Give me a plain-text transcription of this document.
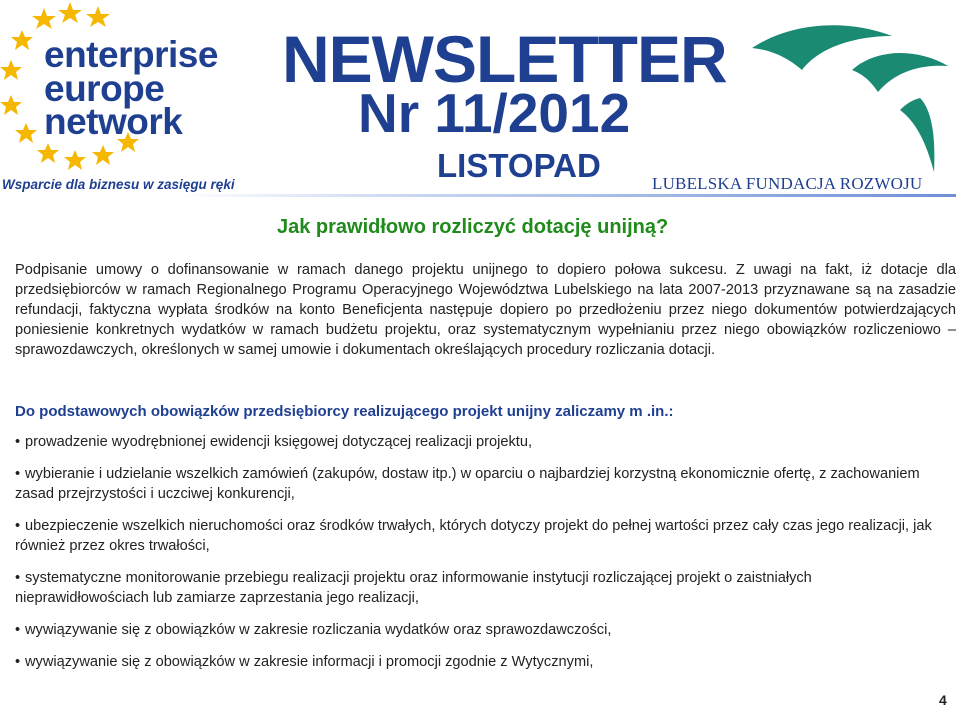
enterprise
europe
network
Wsparcie dla biznesu w zasięgu ręki
NEWSLETTER
Nr 11/2012
LISTOPAD	LUBELSKA FUNDACJA ROZWOJU
Jak prawidłowo rozliczyć dotację unijną?

Podpisanie umowy o dofinansowanie w ramach danego projektu unijnego to dopiero połowa sukcesu. Z uwagi na fakt, iż dotacje dla przedsiębiorców w ramach Regionalnego Programu Operacyjnego Województwa Lubelskiego na lata 2007-2013 przyznawane są na zasadzie refundacji, faktyczna wypłata środków na konto Beneficjenta następuje dopiero po przedłożeniu przez niego dokumentów potwierdzających poniesienie konkretnych wydatków w ramach budżetu projektu, oraz systematycznym wypełnianiu przez niego obowiązków rozliczeniowo – sprawozdawczych, określonych w samej umowie i dokumentach określających procedury rozliczania dotacji.

Do podstawowych obowiązków przedsiębiorcy realizującego projekt unijny zaliczamy m .in.:

• prowadzenie wyodrębnionej ewidencji księgowej dotyczącej realizacji projektu,
• wybieranie i udzielanie wszelkich zamówień (zakupów, dostaw itp.) w oparciu o najbardziej korzystną ekonomicznie ofertę, z zachowaniem zasad przejrzystości i uczciwej konkurencji,
• ubezpieczenie wszelkich nieruchomości oraz środków trwałych, których dotyczy projekt do pełnej wartości przez cały czas jego realizacji, jak również przez okres trwałości,
• systematyczne monitorowanie przebiegu realizacji projektu oraz informowanie instytucji rozliczającej projekt o zaistniałych nieprawidłowościach lub zamiarze zaprzestania jego realizacji,
• wywiązywanie się z obowiązków w zakresie rozliczania wydatków oraz sprawozdawczości,
• wywiązywanie się z obowiązków w zakresie informacji i promocji zgodnie z Wytycznymi,
4
